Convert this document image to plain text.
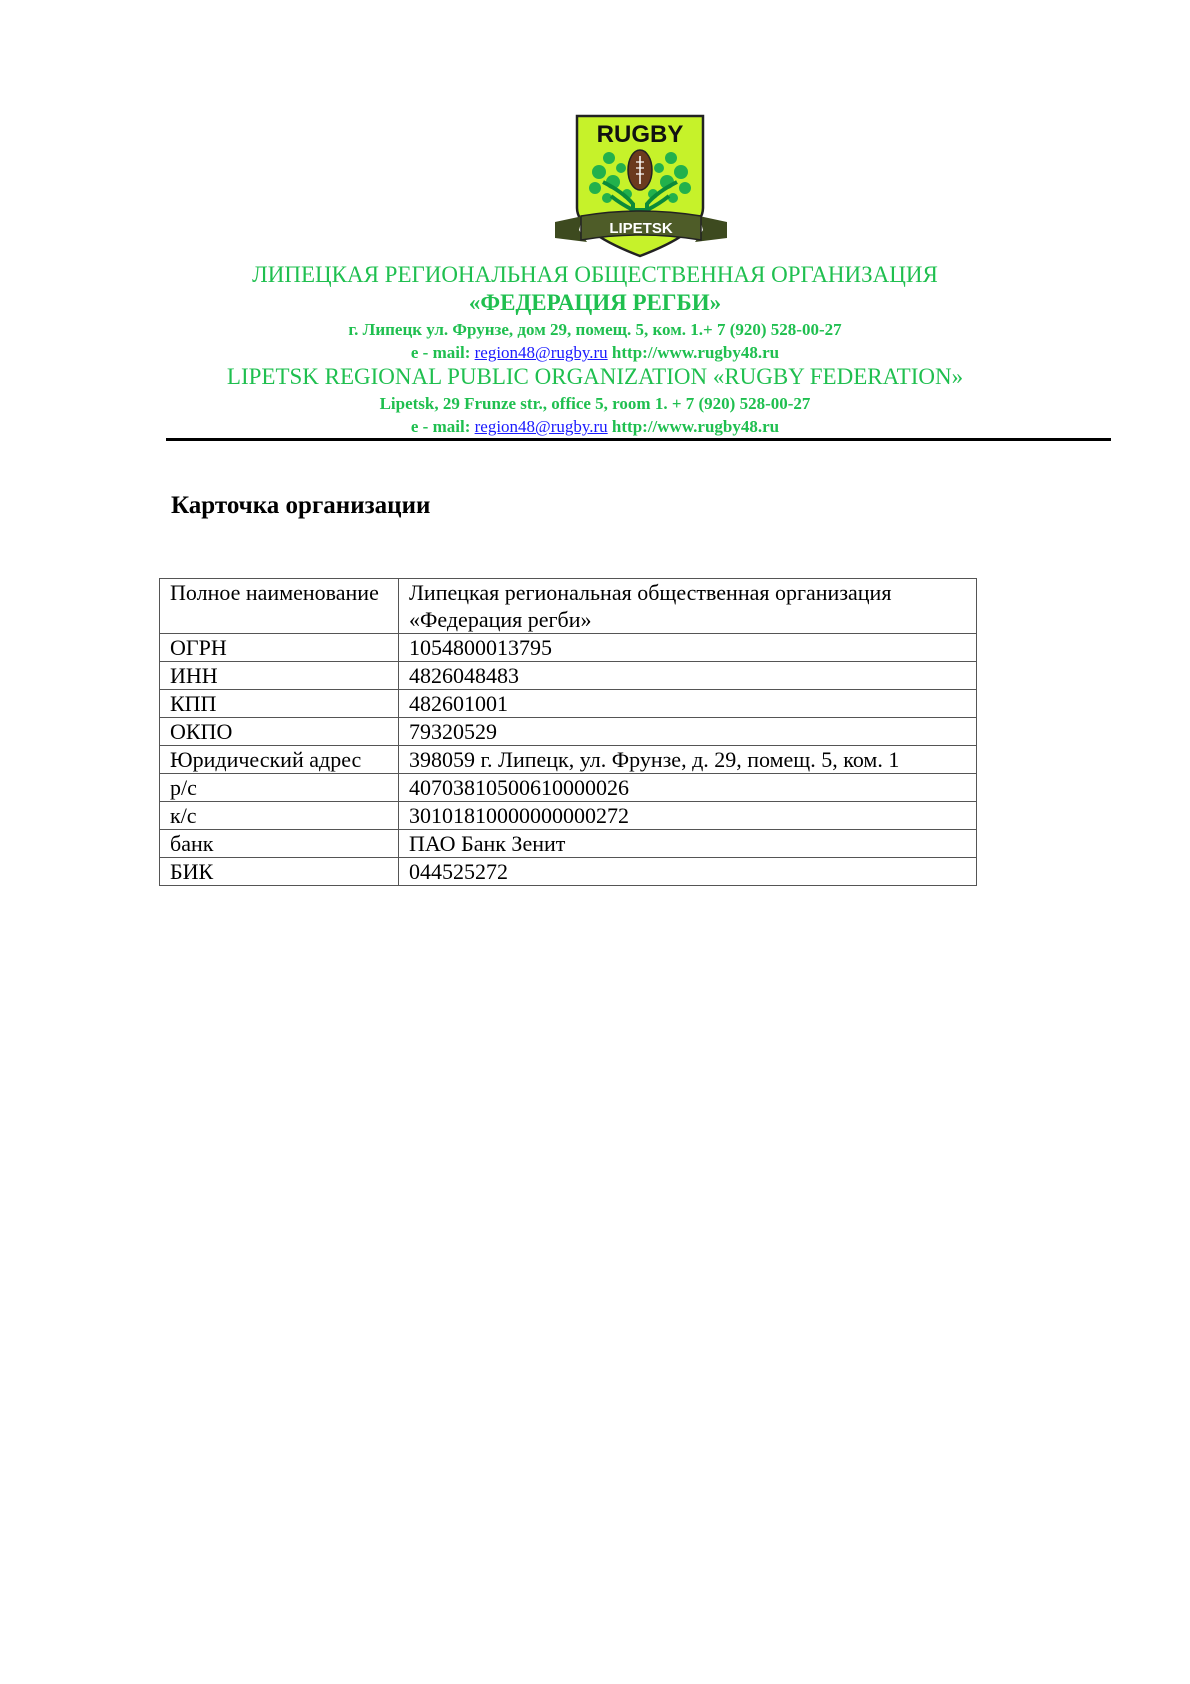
RUGBY
LIPETSK
ЛИПЕЦКАЯ РЕГИОНАЛЬНАЯ ОБЩЕСТВЕННАЯ ОРГАНИЗАЦИЯ
«ФЕДЕРАЦИЯ РЕГБИ»
г. Липецк ул. Фрунзе, дом 29, помещ. 5, ком. 1.+ 7 (920) 528-00-27
e - mail: region48@rugby.ru http://www.rugby48.ru
LIPETSK REGIONAL PUBLIC ORGANIZATION «RUGBY FEDERATION»
Lipetsk, 29 Frunze str., office 5, room 1. + 7 (920) 528-00-27
e - mail: region48@rugby.ru http://www.rugby48.ru
Карточка организации
Полное наименование	Липецкая региональная общественная организация «Федерация регби»
ОГРН	1054800013795
ИНН	4826048483
КПП	482601001
ОКПО	79320529
Юридический адрес	398059 г. Липецк, ул. Фрунзе, д. 29, помещ. 5, ком. 1
р/с	40703810500610000026
к/с	30101810000000000272
банк	ПАО Банк Зенит
БИК	044525272
